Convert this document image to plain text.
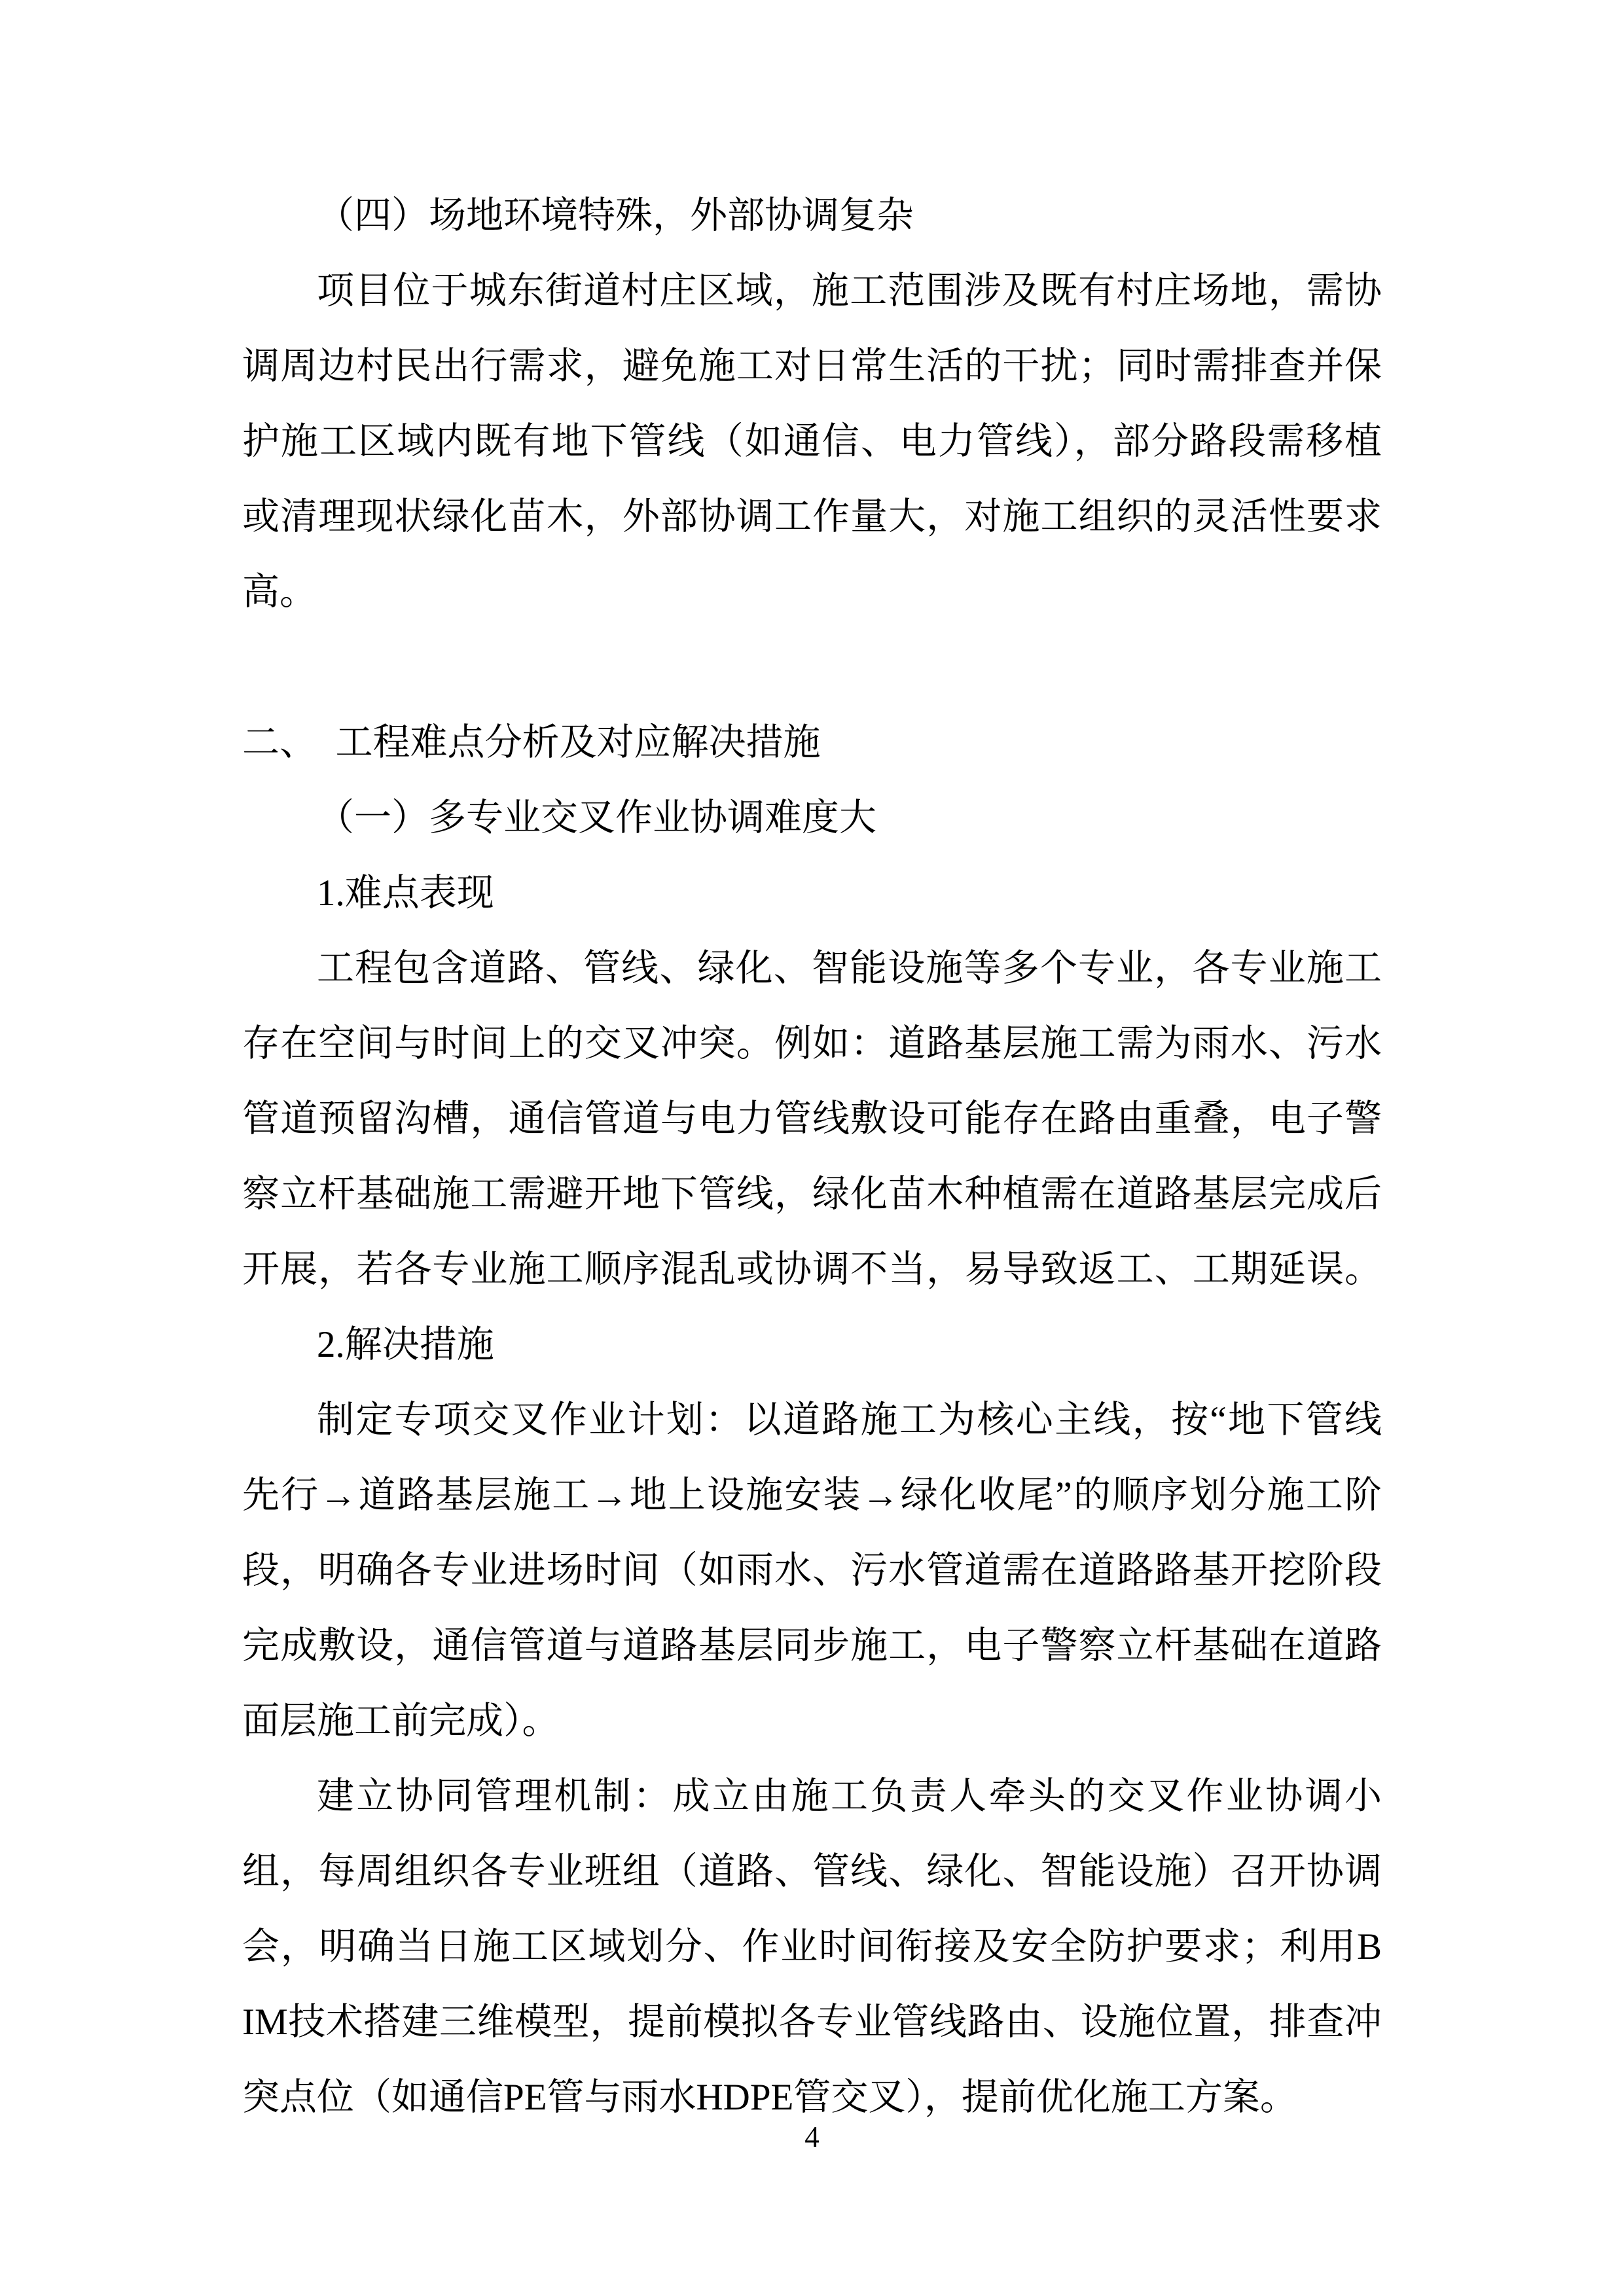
（四）场地环境特殊，外部协调复杂
项目位于城东街道村庄区域，施工范围涉及既有村庄场地，需协
调周边村民出行需求，避免施工对日常生活的干扰；同时需排查并保
护施工区域内既有地下管线（如通信、电力管线），部分路段需移植
或清理现状绿化苗木，外部协调工作量大，对施工组织的灵活性要求
高。
二、　工程难点分析及对应解决措施
（一）多专业交叉作业协调难度大
1.难点表现
工程包含道路、管线、绿化、智能设施等多个专业，各专业施工
存在空间与时间上的交叉冲突。例如：道路基层施工需为雨水、污水
管道预留沟槽，通信管道与电力管线敷设可能存在路由重叠，电子警
察立杆基础施工需避开地下管线，绿化苗木种植需在道路基层完成后
开展，若各专业施工顺序混乱或协调不当，易导致返工、工期延误。
2.解决措施
制定专项交叉作业计划：以道路施工为核心主线，按“地下管线
先行→道路基层施工→地上设施安装→绿化收尾”的顺序划分施工阶
段，明确各专业进场时间（如雨水、污水管道需在道路路基开挖阶段
完成敷设，通信管道与道路基层同步施工，电子警察立杆基础在道路
面层施工前完成）。
建立协同管理机制：成立由施工负责人牵头的交叉作业协调小
组，每周组织各专业班组（道路、管线、绿化、智能设施）召开协调
会，明确当日施工区域划分、作业时间衔接及安全防护要求；利用B
IM技术搭建三维模型，提前模拟各专业管线路由、设施位置，排查冲
突点位（如通信PE管与雨水HDPE管交叉），提前优化施工方案。
4
